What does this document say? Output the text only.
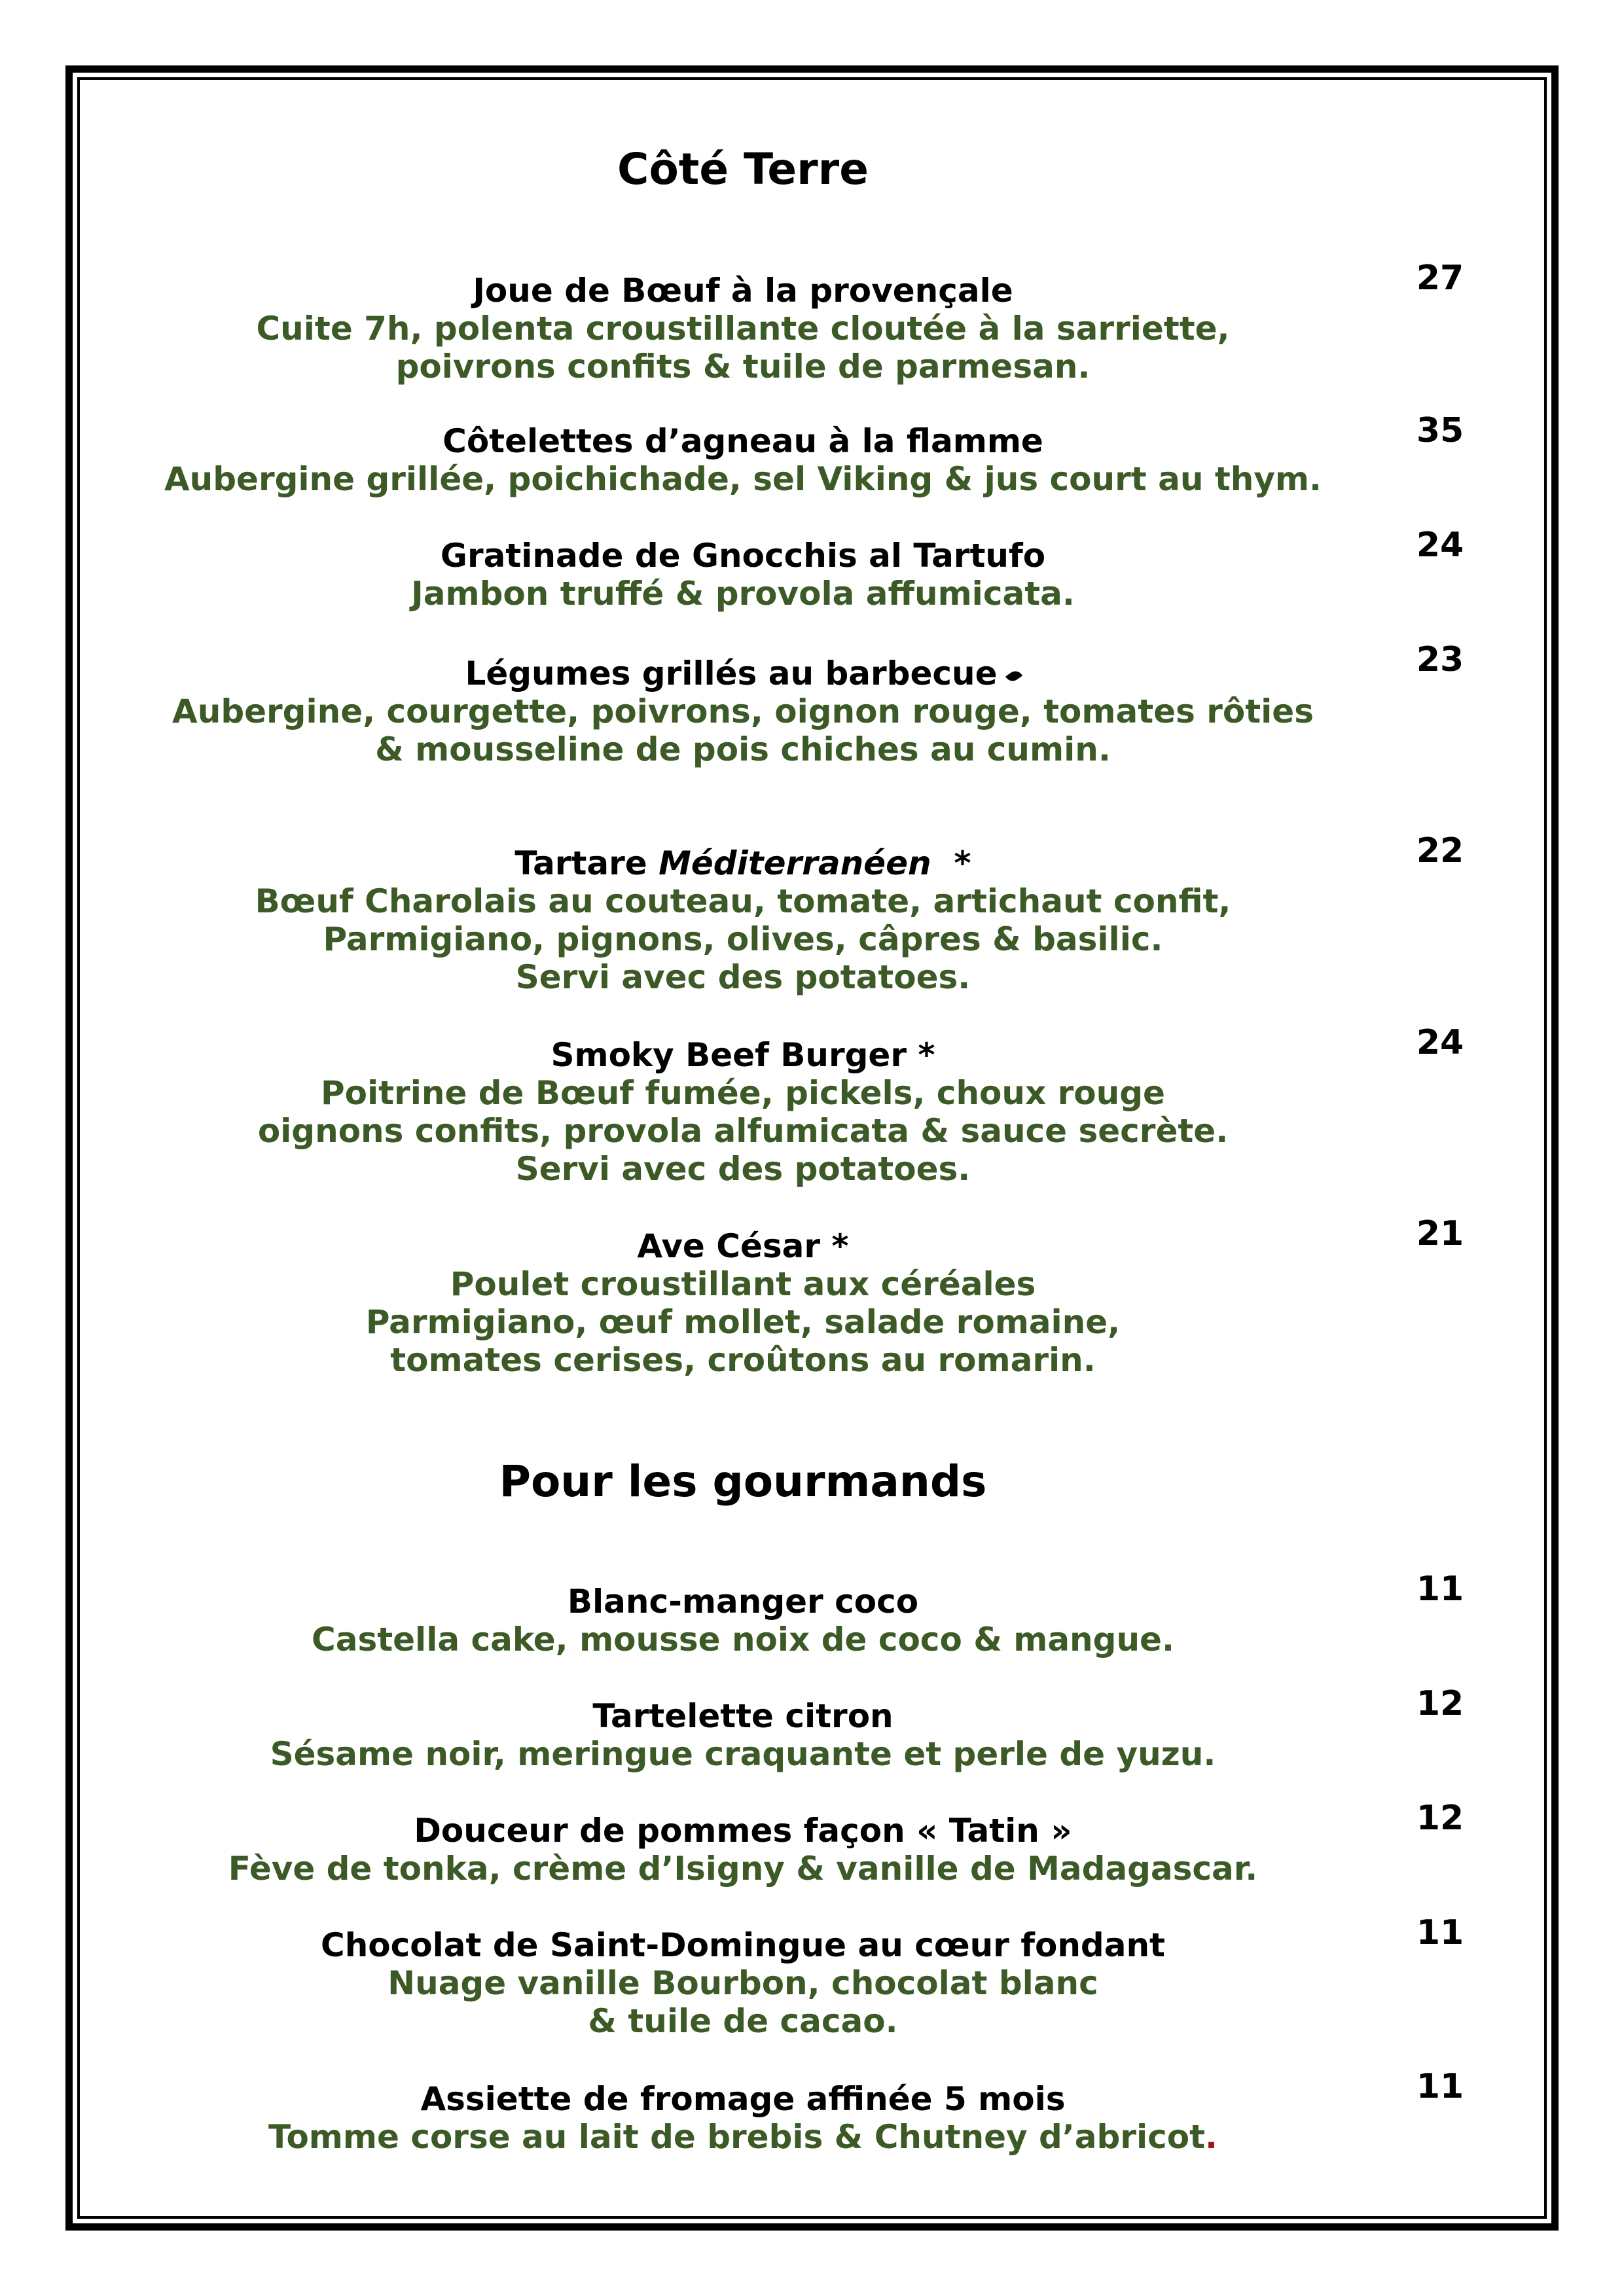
Côté Terre
Joue de Bœuf à la provençale
Cuite 7h, polenta croustillante cloutée à la sarriette,
poivrons confits & tuile de parmesan.
27
Côtelettes d’agneau à la flamme
Aubergine grillée, poichichade, sel Viking & jus court au thym.
35
Gratinade de Gnocchis al Tartufo
Jambon truffé & provola affumicata.
24
Légumes grillés au barbecue
Aubergine, courgette, poivrons, oignon rouge, tomates rôties
& mousseline de pois chiches au cumin.
23
Tartare Méditerranéen *
Bœuf Charolais au couteau, tomate, artichaut confit,
Parmigiano, pignons, olives, câpres & basilic.
Servi avec des potatoes.
22
Smoky Beef Burger *
Poitrine de Bœuf fumée, pickels, choux rouge
oignons confits, provola alfumicata & sauce secrète.
Servi avec des potatoes.
24
Ave César *
Poulet croustillant aux céréales
Parmigiano, œuf mollet, salade romaine,
tomates cerises, croûtons au romarin.
21
Pour les gourmands
Blanc-manger coco
Castella cake, mousse noix de coco & mangue.
11
Tartelette citron
Sésame noir, meringue craquante et perle de yuzu.
12
Douceur de pommes façon « Tatin »
Fève de tonka, crème d’Isigny & vanille de Madagascar.
12
Chocolat de Saint-Domingue au cœur fondant
Nuage vanille Bourbon, chocolat blanc
& tuile de cacao.
11
Assiette de fromage affinée 5 mois
Tomme corse au lait de brebis & Chutney d’abricot.
11
